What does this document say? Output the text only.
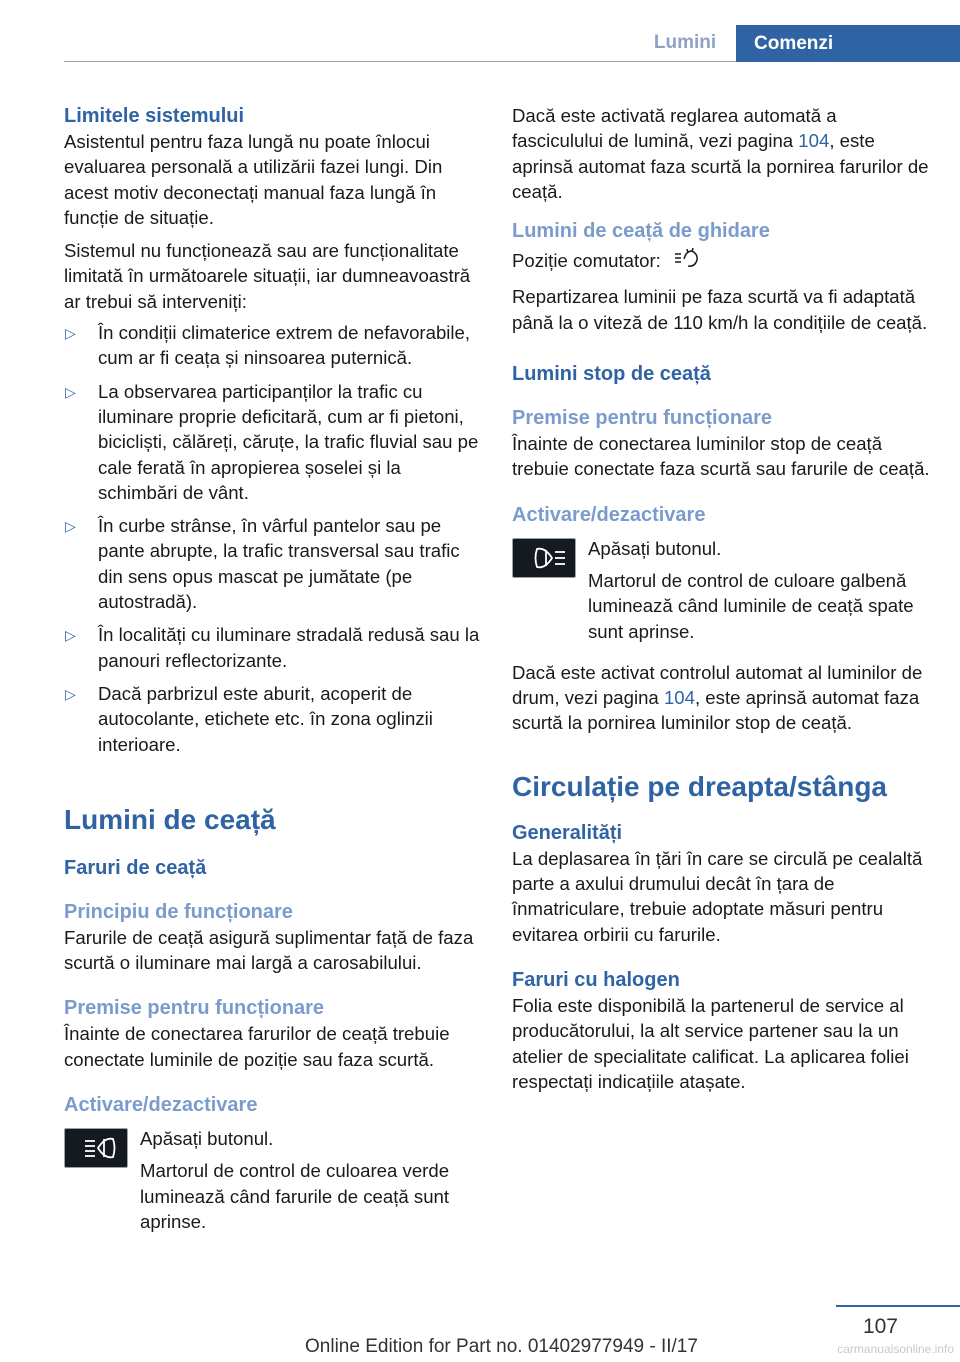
Lumini	Comenzi
Limitele sistemului

Asistentul pentru faza lungă nu poate înlocui evaluarea personală a utilizării fazei lungi. Din acest motiv deconectați manual faza lungă în funcție de situație.

Sistemul nu funcționează sau are funcționalitate limitată în următoarele situații, iar dumneavoastră ar trebui să interveniți:

▷ În condiții climaterice extrem de nefavorabile, cum ar fi ceața și ninsoarea puternică.
▷ La observarea participanților la trafic cu iluminare proprie deficitară, cum ar fi pietoni, bicicliști, călăreți, căruțe, la trafic fluvial sau pe cale ferată în apropierea șoselei și la schimbări de vânt.
▷ În curbe strânse, în vârful pantelor sau pe pante abrupte, la trafic transversal sau trafic din sens opus mascat pe jumătate (pe autostradă).
▷ În localități cu iluminare stradală redusă sau la panouri reflectorizante.
▷ Dacă parbrizul este aburit, acoperit de autocolante, etichete etc. în zona oglinzii interioare.
Lumini de ceață
Faruri de ceață
Principiu de funcționare

Farurile de ceață asigură suplimentar față de faza scurtă o iluminare mai largă a carosabilului.

Premise pentru funcționare

Înainte de conectarea farurilor de ceață trebuie conectate luminile de poziție sau faza scurtă.

Activare/dezactivare

Apăsați butonul.

Martorul de control de culoarea verde luminează când farurile de ceață sunt aprinse.

Dacă este activată reglarea automată a fasciculului de lumină, vezi pagina 104, este aprinsă automat faza scurtă la pornirea farurilor de ceață.

Lumini de ceață de ghidare

Poziție comutator:

Repartizarea luminii pe faza scurtă va fi adaptată până la o viteză de 110 km/h la condițiile de ceață.

Lumini stop de ceață
Premise pentru funcționare

Înainte de conectarea luminilor stop de ceață trebuie conectate faza scurtă sau farurile de ceață.

Activare/dezactivare

Apăsați butonul.

Martorul de control de culoare galbenă luminează când luminile de ceață spate sunt aprinse.

Dacă este activat controlul automat al luminilor de drum, vezi pagina 104, este aprinsă automat faza scurtă la pornirea luminilor stop de ceață.

Circulație pe dreapta/stânga
Generalități

La deplasarea în țări în care se circulă pe cealaltă parte a axului drumului decât în țara de înmatriculare, trebuie adoptate măsuri pentru evitarea orbirii cu farurile.

Faruri cu halogen

Folia este disponibilă la partenerul de service al producătorului, la alt service partener sau la un atelier de specialitate calificat. La aplicarea foliei respectați indicațiile atașate.

107
Online Edition for Part no. 01402977949 - II/17	carmanualsonline.info
